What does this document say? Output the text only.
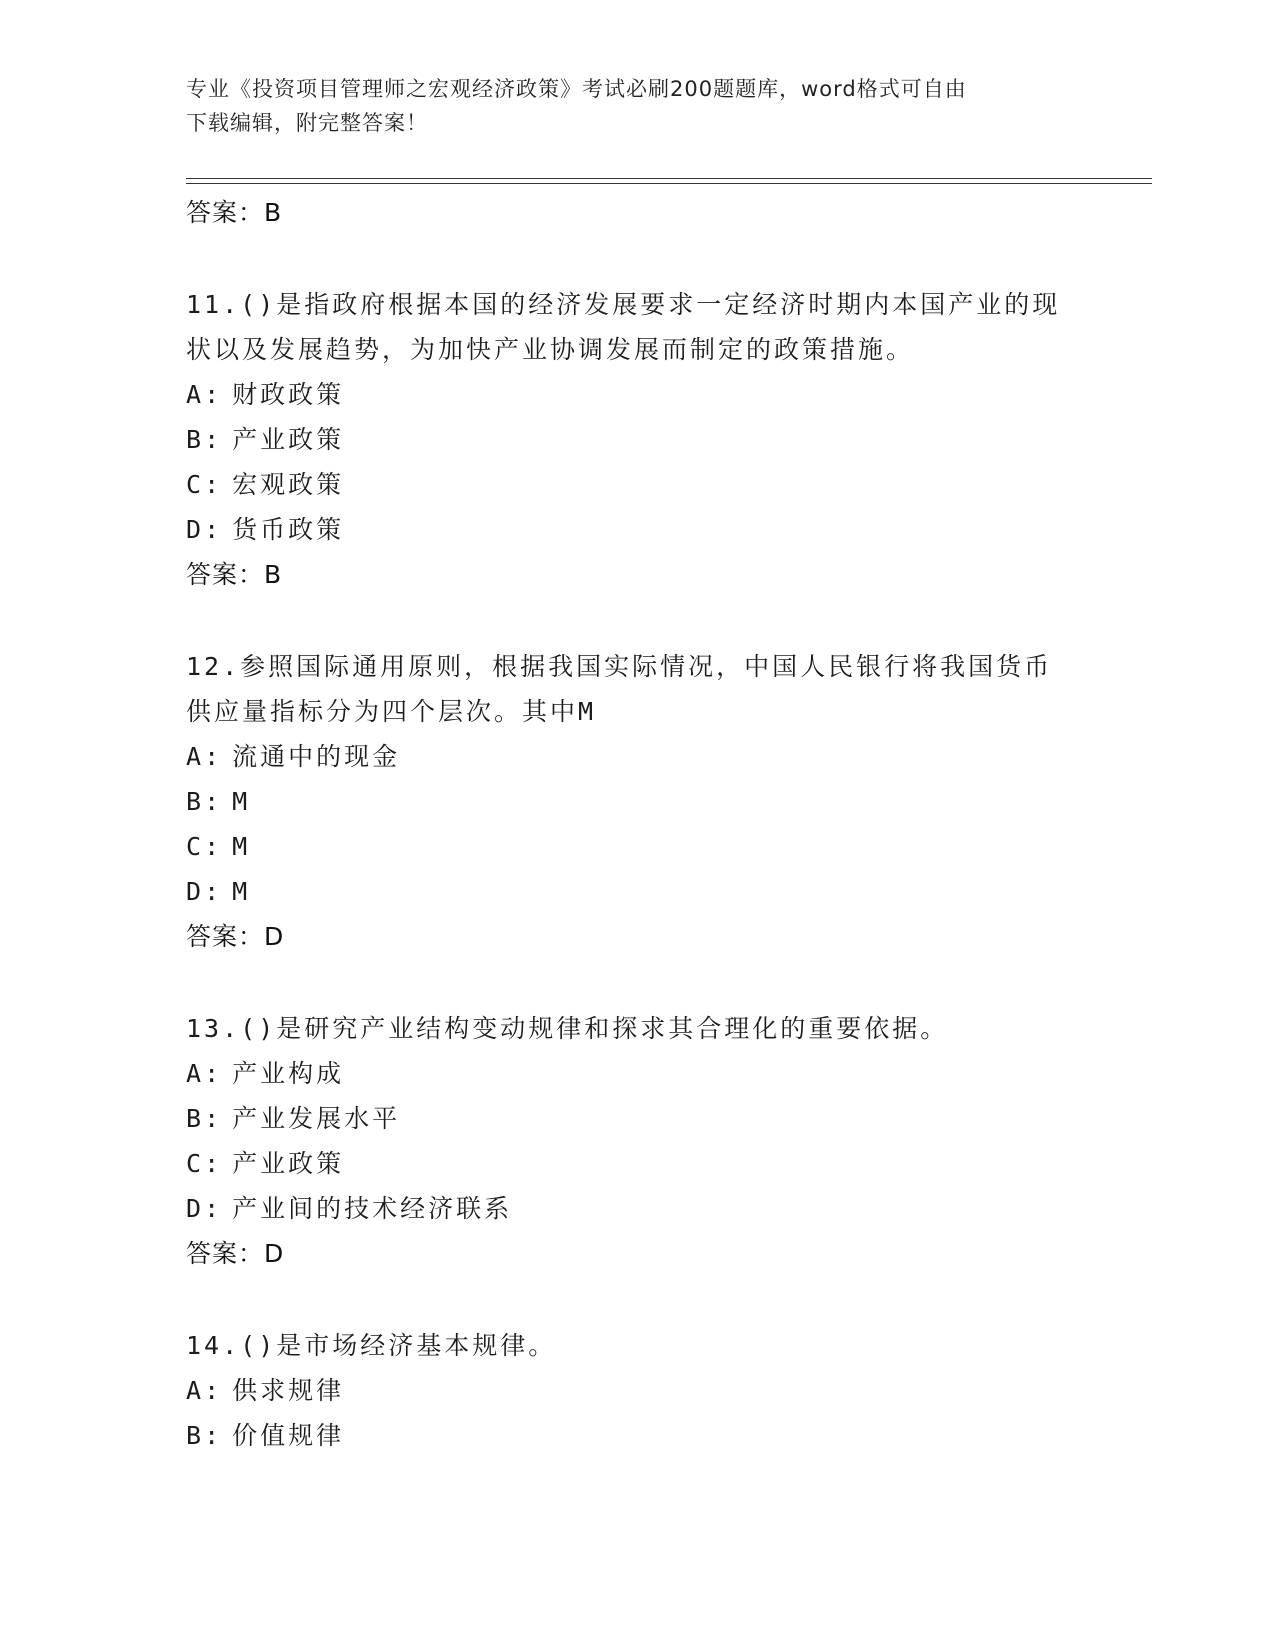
专业《投资项目管理师之宏观经济政策》考试必刷200题题库，word格式可自由
下载编辑，附完整答案！
答案：B
11.()是指政府根据本国的经济发展要求一定经济时期内本国产业的现
状以及发展趋势，为加快产业协调发展而制定的政策措施。
A: 财政政策
B: 产业政策
C: 宏观政策
D: 货币政策
答案：B
12.参照国际通用原则，根据我国实际情况，中国人民银行将我国货币
供应量指标分为四个层次。其中M
A: 流通中的现金
B: M
C: M
D: M
答案：D
13.()是研究产业结构变动规律和探求其合理化的重要依据。
A: 产业构成
B: 产业发展水平
C: 产业政策
D: 产业间的技术经济联系
答案：D
14.()是市场经济基本规律。
A: 供求规律
B: 价值规律
